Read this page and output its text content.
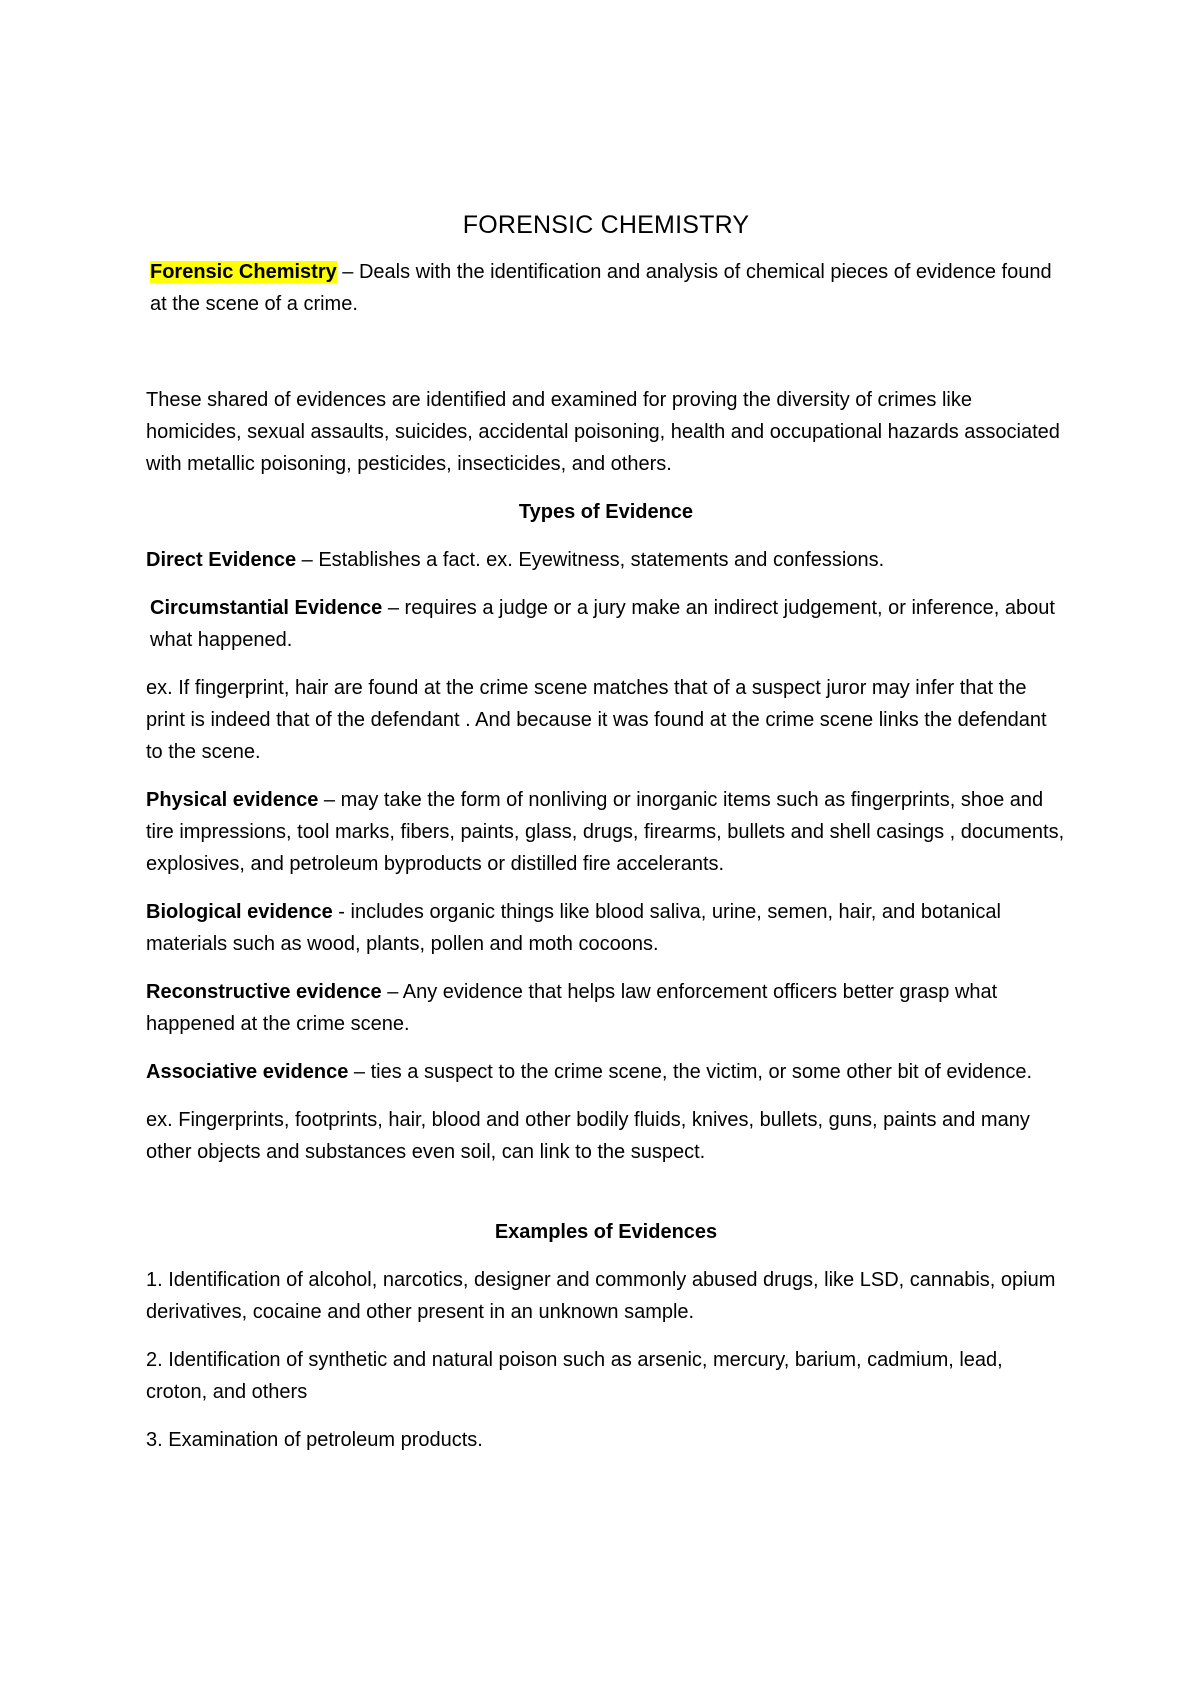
FORENSIC CHEMISTRY

Forensic Chemistry – Deals with the identification and analysis of chemical pieces of evidence found at the scene of a crime.

These shared of evidences are identified and examined for proving the diversity of crimes like homicides, sexual assaults, suicides, accidental poisoning, health and occupational hazards associated with metallic poisoning, pesticides, insecticides, and others.

Types of Evidence

Direct Evidence – Establishes a fact. ex. Eyewitness, statements and confessions.

Circumstantial Evidence – requires a judge or a jury make an indirect judgement, or inference, about what happened.

ex. If fingerprint, hair are found at the crime scene matches that of a suspect juror may infer that the print is indeed that of the defendant . And because it was found at the crime scene links the defendant to the scene.

Physical evidence – may take the form of nonliving or inorganic items such as fingerprints, shoe and tire impressions, tool marks, fibers, paints, glass, drugs, firearms, bullets and shell casings , documents, explosives, and petroleum byproducts or distilled fire accelerants.

Biological evidence - includes organic things like blood saliva, urine, semen, hair, and botanical materials such as wood, plants, pollen and moth cocoons.

Reconstructive evidence – Any evidence that helps law enforcement officers better grasp what happened at the crime scene.

Associative evidence – ties a suspect to the crime scene, the victim, or some other bit of evidence.

ex. Fingerprints, footprints, hair, blood and other bodily fluids, knives, bullets, guns, paints and many other objects and substances even soil, can link to the suspect.

Examples of Evidences

1. Identification of alcohol, narcotics, designer and commonly abused drugs, like LSD, cannabis, opium derivatives, cocaine and other present in an unknown sample.

2. Identification of synthetic and natural poison such as arsenic, mercury, barium, cadmium, lead, croton, and others

3. Examination of petroleum products.
